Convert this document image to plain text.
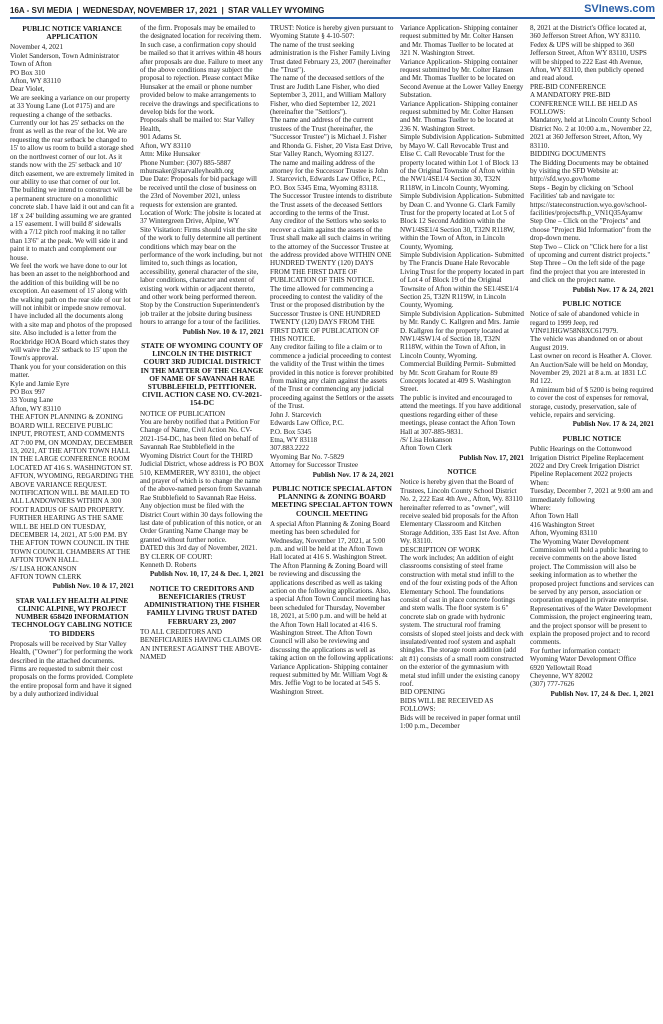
16A - SVI MEDIA | WEDNESDAY, NOVEMBER 17, 2021 | STAR VALLEY WYOMING	SVInews.com
PUBLIC NOTICE VARIANCE APPLICATION
November 4, 2021
Violet Sanderson, Town Administrator
Town of Afton
PO Box 310
Afton, WY 83110
Dear Violet,
We are seeking a variance on our property at 33 Young Lane (Lot #175) and are requesting a change of the setbacks. Currently our lot has 25' setbacks on the front as well as the rear of the lot. We are requesting the rear setback be changed to 15' to allow us room to build a storage shed on the northwest corner of our lot. As it stands now with the 25' setback and 10' ditch easement, we are extremely limited in our ability to use that corner of our lot.
The building we intend to construct will be a permanent structure on a monolithic concrete slab. I have laid it out and can fit a 18' x 24' building assuming we are granted a 15' easement. I will build 8' sidewalls with a 7/12 pitch roof making it no taller than 13'6" at the peak. We will side it and paint it to match and complement our house.
We feel the work we have done to our lot has been an asset to the neighborhood and the addition of this building will be no exception. An easement of 15' along with the walking path on the rear side of our lot will not inhibit or impede snow removal.
I have included all the documents along with a site map and photos of the proposed site. Also included is a letter from the Rockbridge HOA Board which states they will waive the 25' setback to 15' upon the Town's approval.
Thank you for your consideration on this matter.
Kyle and Jamie Eyre
PO Box 997
33 Young Lane
Afton, WY 83110
THE AFTON PLANNING & ZONING BOARD WILL RECEIVE PUBLIC INPUT, PROTEST, AND COMMENTS AT 7:00 PM, ON MONDAY, DECEMBER 13, 2021, AT THE AFTON TOWN HALL IN THE LARGE CONFERENCE ROOM LOCATED AT 416 S. WASHINGTON ST. AFTON, WYOMING, REGARDING THE ABOVE VARIANCE REQUEST. NOTIFICATION WILL BE MAILED TO ALL LANDOWNERS WITHIN A 300 FOOT RADIUS OF SAID PROPERTY. FURTHER HEARING AS THE SAME WILL BE HELD ON TUESDAY, DECEMBER 14, 2021, AT 5:00 P.M. BY THE AFTON TOWN COUNCIL IN THE TOWN COUNCIL CHAMBERS AT THE AFTON TOWN HALL.
/S/ LISA HOKANSON
AFTON TOWN CLERK
Publish Nov. 10 & 17, 2021
STAR VALLEY HEALTH ALPINE CLINIC ALPINE, WY PROJECT NUMBER 658420 INFORMATION TECHNOLOGY CABLING NOTICE TO BIDDERS
Proposals will be received by Star Valley Health, ("Owner") for performing the work described in the attached documents.
Firms are requested to submit their cost proposals on the forms provided. Complete the entire proposal form and have it signed by a duly authorized individual
of the firm. Proposals may be emailed to the designated location for receiving them. In such case, a confirmation copy should be mailed so that it arrives within 48 hours after proposals are due. Failure to meet any of the above conditions may subject the proposal to rejection. Please contact Mike Hunsaker at the email or phone number provided below to make arrangements to receive the drawings and specifications to develop bids for the work.
Proposals shall be mailed to: Star Valley Health,
901 Adams St.
Afton, WY 83110
Attn: Mike Hunsaker
Phone Number: (307) 885-5887
mhunsaker@starvalleyhealth.org
Due Date: Proposals for bid package will be received until the close of business on the 23rd of November 2021, unless requests for extension are granted.
Location of Work: The jobsite is located at 37 Wintergreen Drive, Alpine, WY
Site Visitation: Firms should visit the site of the work to fully determine all pertinent conditions which may bear on the performance of the work including, but not limited to, such things as location, accessibility, general character of the site, labor conditions, character and extent of existing work within or adjacent thereto, and other work being performed thereon. Stop by the Construction Superintendent's job trailer at the jobsite during business hours to arrange for a tour of the facilities.
Publish Nov. 10 & 17, 2021
STATE OF WYOMING COUNTY OF LINCOLN IN THE DISTRICT COURT 3RD JUDICIAL DISTRICT IN THE MATTER OF THE CHANGE OF NAME OF SAVANNAH RAE STUBBLEFIELD, PETITIONER. CIVIL ACTION CASE NO. CV-2021-154-DC
NOTICE OF PUBLICATION
You are hereby notified that a Petition For Change of Name, Civil Action No. CV-2021-154-DC, has been filed on behalf of Savannah Rae Stubblefield in the Wyoming District Court for the THIRD Judicial District, whose address is PO BOX 510, KEMMERER, WY 83101, the object and prayer of which is to change the name of the above-named person from Savannah Rae Stubblefield to Savannah Rae Heiss.
Any objection must be filed with the District Court within 30 days following the last date of publication of this notice, or an Order Granting Name Change may be granted without further notice.
DATED this 3rd day of November, 2021.
BY CLERK OF COURT:
Kenneth D. Roberts
Publish Nov. 10, 17, 24 & Dec. 1, 2021
NOTICE TO CREDITORS AND BENEFICIARIES (TRUST ADMINISTRATION) THE FISHER FAMILY LIVING TRUST DATED FEBRUARY 23, 2007
TO ALL CREDITORS AND BENEFICIARIES HAVING CLAIMS OR AN INTEREST AGAINST THE ABOVE-NAMED
TRUST: Notice is hereby given pursuant to Wyoming Statute § 4-10-507:
The name of the trust seeking administration is the Fisher Family Living Trust dated February 23, 2007 (hereinafter the "Trust").
The name of the deceased settlors of the Trust are Judith Lane Fisher, who died September 3, 2011, and William Mallory Fisher, who died September 12, 2021 (hereinafter the "Settlors").
The name and address of the current trustees of the Trust (hereinafter, the "Successor Trustee") is Michael J. Fisher and Rhonda G. Fisher, 20 Vista East Drive, Star Valley Ranch, Wyoming 83127.
The name and mailing address of the attorney for the Successor Trustee is John J. Starcevich, Edwards Law Office, P.C., P.O. Box 5345 Etna, Wyoming 83118.
The Successor Trustee intends to distribute the Trust assets of the deceased Settlors according to the terms of the Trust.
Any creditor of the Settlors who seeks to recover a claim against the assets of the Trust shall make all such claims in writing to the attorney of the Successor Trustee at the address provided above WITHIN ONE HUNDRED TWENTY (120) DAYS FROM THE FIRST DATE OF PUBLICATION OF THIS NOTICE.
The time allowed for commencing a proceeding to contest the validity of the Trust or the proposed distribution by the Successor Trustee is ONE HUNDRED TWENTY (120) DAYS FROM THE FIRST DATE OF PUBLICATION OF THIS NOTICE.
Any creditor failing to file a claim or to commence a judicial proceeding to contest the validity of the Trust within the times provided in this notice is forever prohibited from making any claim against the assets of the Trust or commencing any judicial proceeding against the Settlors or the assets of the Trust.
John J. Starcevich
Edwards Law Office, P.C.
P.O. Box 5345
Etna, WY 83118
307.883.2222
Wyoming Bar No. 7-5829
Attorney for Successor Trustee
Publish Nov. 17 & 24, 2021
PUBLIC NOTICE SPECIAL AFTON PLANNING & ZONING BOARD MEETING SPECIAL AFTON TOWN COUNCIL MEETING
A special Afton Planning & Zoning Board meeting has been scheduled for Wednesday, November 17, 2021, at 5:00 p.m. and will be held at the Afton Town Hall located at 416 S. Washington Street. The Afton Planning & Zoning Board will be reviewing and discussing the applications described as well as taking action on the following applications. Also, a special Afton Town Council meeting has been scheduled for Thursday, November 18, 2021, at 5:00 p.m. and will be held at the Afton Town Hall located at 416 S. Washington Street. The Afton Town Council will also be reviewing and discussing the applications as well as taking action on the following applications:
Variance Application- Shipping container request submitted by Mr. William Vogt & Mrs. Jeffie Vogt to be located at 545 S. Washington Street.
Variance Application- Shipping container request submitted by Mr. Colter Hansen and Mr. Thomas Tueller to be located at 321 N. Washington Street.
Variance Application- Shipping container request submitted by Mr. Colter Hansen and Mr. Thomas Tueller to be located on Second Avenue at the Lower Valley Energy Substation.
Variance Application- Shipping container request submitted by Mr. Colter Hansen and Mr. Thomas Tueller to be located at 236 N. Washington Street.
Simple Subdivision Application- Submitted by Mayo W. Call Revocable Trust and Elise C. Call Revocable Trust for the property located within Lot 1 of Block 13 of the Original Townsite of Afton within the NW1/4SE1/4 Section 30, T32N R118W, in Lincoln County, Wyoming.
Simple Subdivision Application- Submitted by Dean C. and Yvonne G. Clark Family Trust for the property located at Lot 5 of Block 12 Second Addition within the NW1/4SE1/4 Section 30, T32N R118W, within the Town of Afton, in Lincoln County, Wyoming.
Simple Subdivision Application- Submitted by The Francis Duane Hale Revocable Living Trust for the property located in part of Lot 4 of Block 19 of the Original Townsite of Afton within the SE1/4SE1/4 Section 25, T32N R119W, in Lincoln County, Wyoming.
Simple Subdivision Application- Submitted by Mr. Randy C. Kallgren and Mrs. Jamie D. Kallgren for the property located at NW1/4SW1/4 of Section 18, T32N R118W, within the Town of Afton, in Lincoln County, Wyoming.
Commercial Building Permit- Submitted by Mr. Scott Graham for Route 89 Concepts located at 409 S. Washington Street.
The public is invited and encouraged to attend the meetings. If you have additional questions regarding either of these meetings, please contact the Afton Town Hall at 307-885-9831.
/S/ Lisa Hokanson
Afton Town Clerk
Publish Nov. 17, 2021
NOTICE
Notice is hereby given that the Board of Trustees, Lincoln County School District No. 2, 222 East 4th Ave., Afton, Wy. 83110 hereinafter referred to as "owner", will receive sealed bid proposals for the Afton Elementary Classroom and Kitchen Storage Addition, 335 East 1st Ave. Afton Wy. 83110.
DESCRIPTION OF WORK
The work includes; An addition of eight classrooms consisting of steel frame construction with metal stud infill to the end of the four existing pods of the Afton Elementary School. The foundations consist of cast in place concrete footings and stem walls. The floor system is 6" concrete slab on grade with hydronic system. The structural roof framing consists of sloped steel joists and deck with insulated/vented roof system and asphalt shingles. The storage room addition (add alt #1) consists of a small room constructed on the exterior of the gymnasium with metal stud infill under the existing canopy roof.
BID OPENING
BIDS WILL BE RECEIVED AS FOLLOWS:
Bids will be received in paper format until 1:00 p.m., December
8, 2021 at the District's Office located at, 360 Jefferson Street Afton, WY 83110. Fedex & UPS will be shipped to 360 Jefferson Street, Afton WY 83110, USPS will be shipped to 222 East 4th Avenue, Afton, WY 83110, then publicly opened and read aloud.
PRE-BID CONFERENCE
A MANDATORY PRE-BID CONFERENCE WILL BE HELD AS FOLLOWS:
Mandatory, held at Lincoln County School District No. 2 at 10:00 a.m., November 22, 2021 at 360 Jefferson Street, Afton, Wy 83110.
BIDDING DOCUMENTS
The Bidding Documents may be obtained by visiting the SFD Website at: http://sfd.wyo.gov/home
Steps - Begin by clicking on 'School Facilities' tab and navigate to: https://stateconstruction.wyo.gov/school-facilities/projects#h.p_VN1Q35Ayamw
Step One – Click on the "Projects" and choose "Project Bid Information" from the drop-down menu.
Step Two – Click on "Click here for a list of upcoming and current district projects."
Step Three – On the left side of the page find the project that you are interested in and click on the project name.
Publish Nov. 17 & 24, 2021
PUBLIC NOTICE
Notice of sale of abandoned vehicle in regard to 1999 Jeep, red VIN#1JHGW58N8XC617979.
The vehicle was abandoned on or about August 2019.
Last owner on record is Heather A. Clover.
An Auction/Sale will be held on Monday, November 29, 2021 at 8 a.m. at 1831 LC Rd 122.
A minimum bid of $ 5200 is being required to cover the cost of expenses for removal, storage, custody, preservation, sale of vehicle, repairs and servicing.
Publish Nov. 17 & 24, 2021
PUBLIC NOTICE
Public Hearings on the Cottonwood Irrigation District Pipeline Replacement 2022 and Dry Creek Irrigation District Pipeline Replacement 2022 projects
When:
Tuesday, December 7, 2021 at 9:00 am and immediately following
Where:
Afton Town Hall
416 Washington Street
Afton, Wyoming 83110
The Wyoming Water Development Commission will hold a public hearing to receive comments on the above listed project. The Commission will also be seeking information as to whether the proposed project functions and services can be served by any person, association or corporation engaged in private enterprise.
Representatives of the Water Development Commission, the project engineering team, and the project sponsor will be present to explain the proposed project and to record comments.
For further information contact:
Wyoming Water Development Office
6920 Yellowtail Road
Cheyenne, WY 82002
(307) 777-7626
Publish Nov. 17, 24 & Dec. 1, 2021
